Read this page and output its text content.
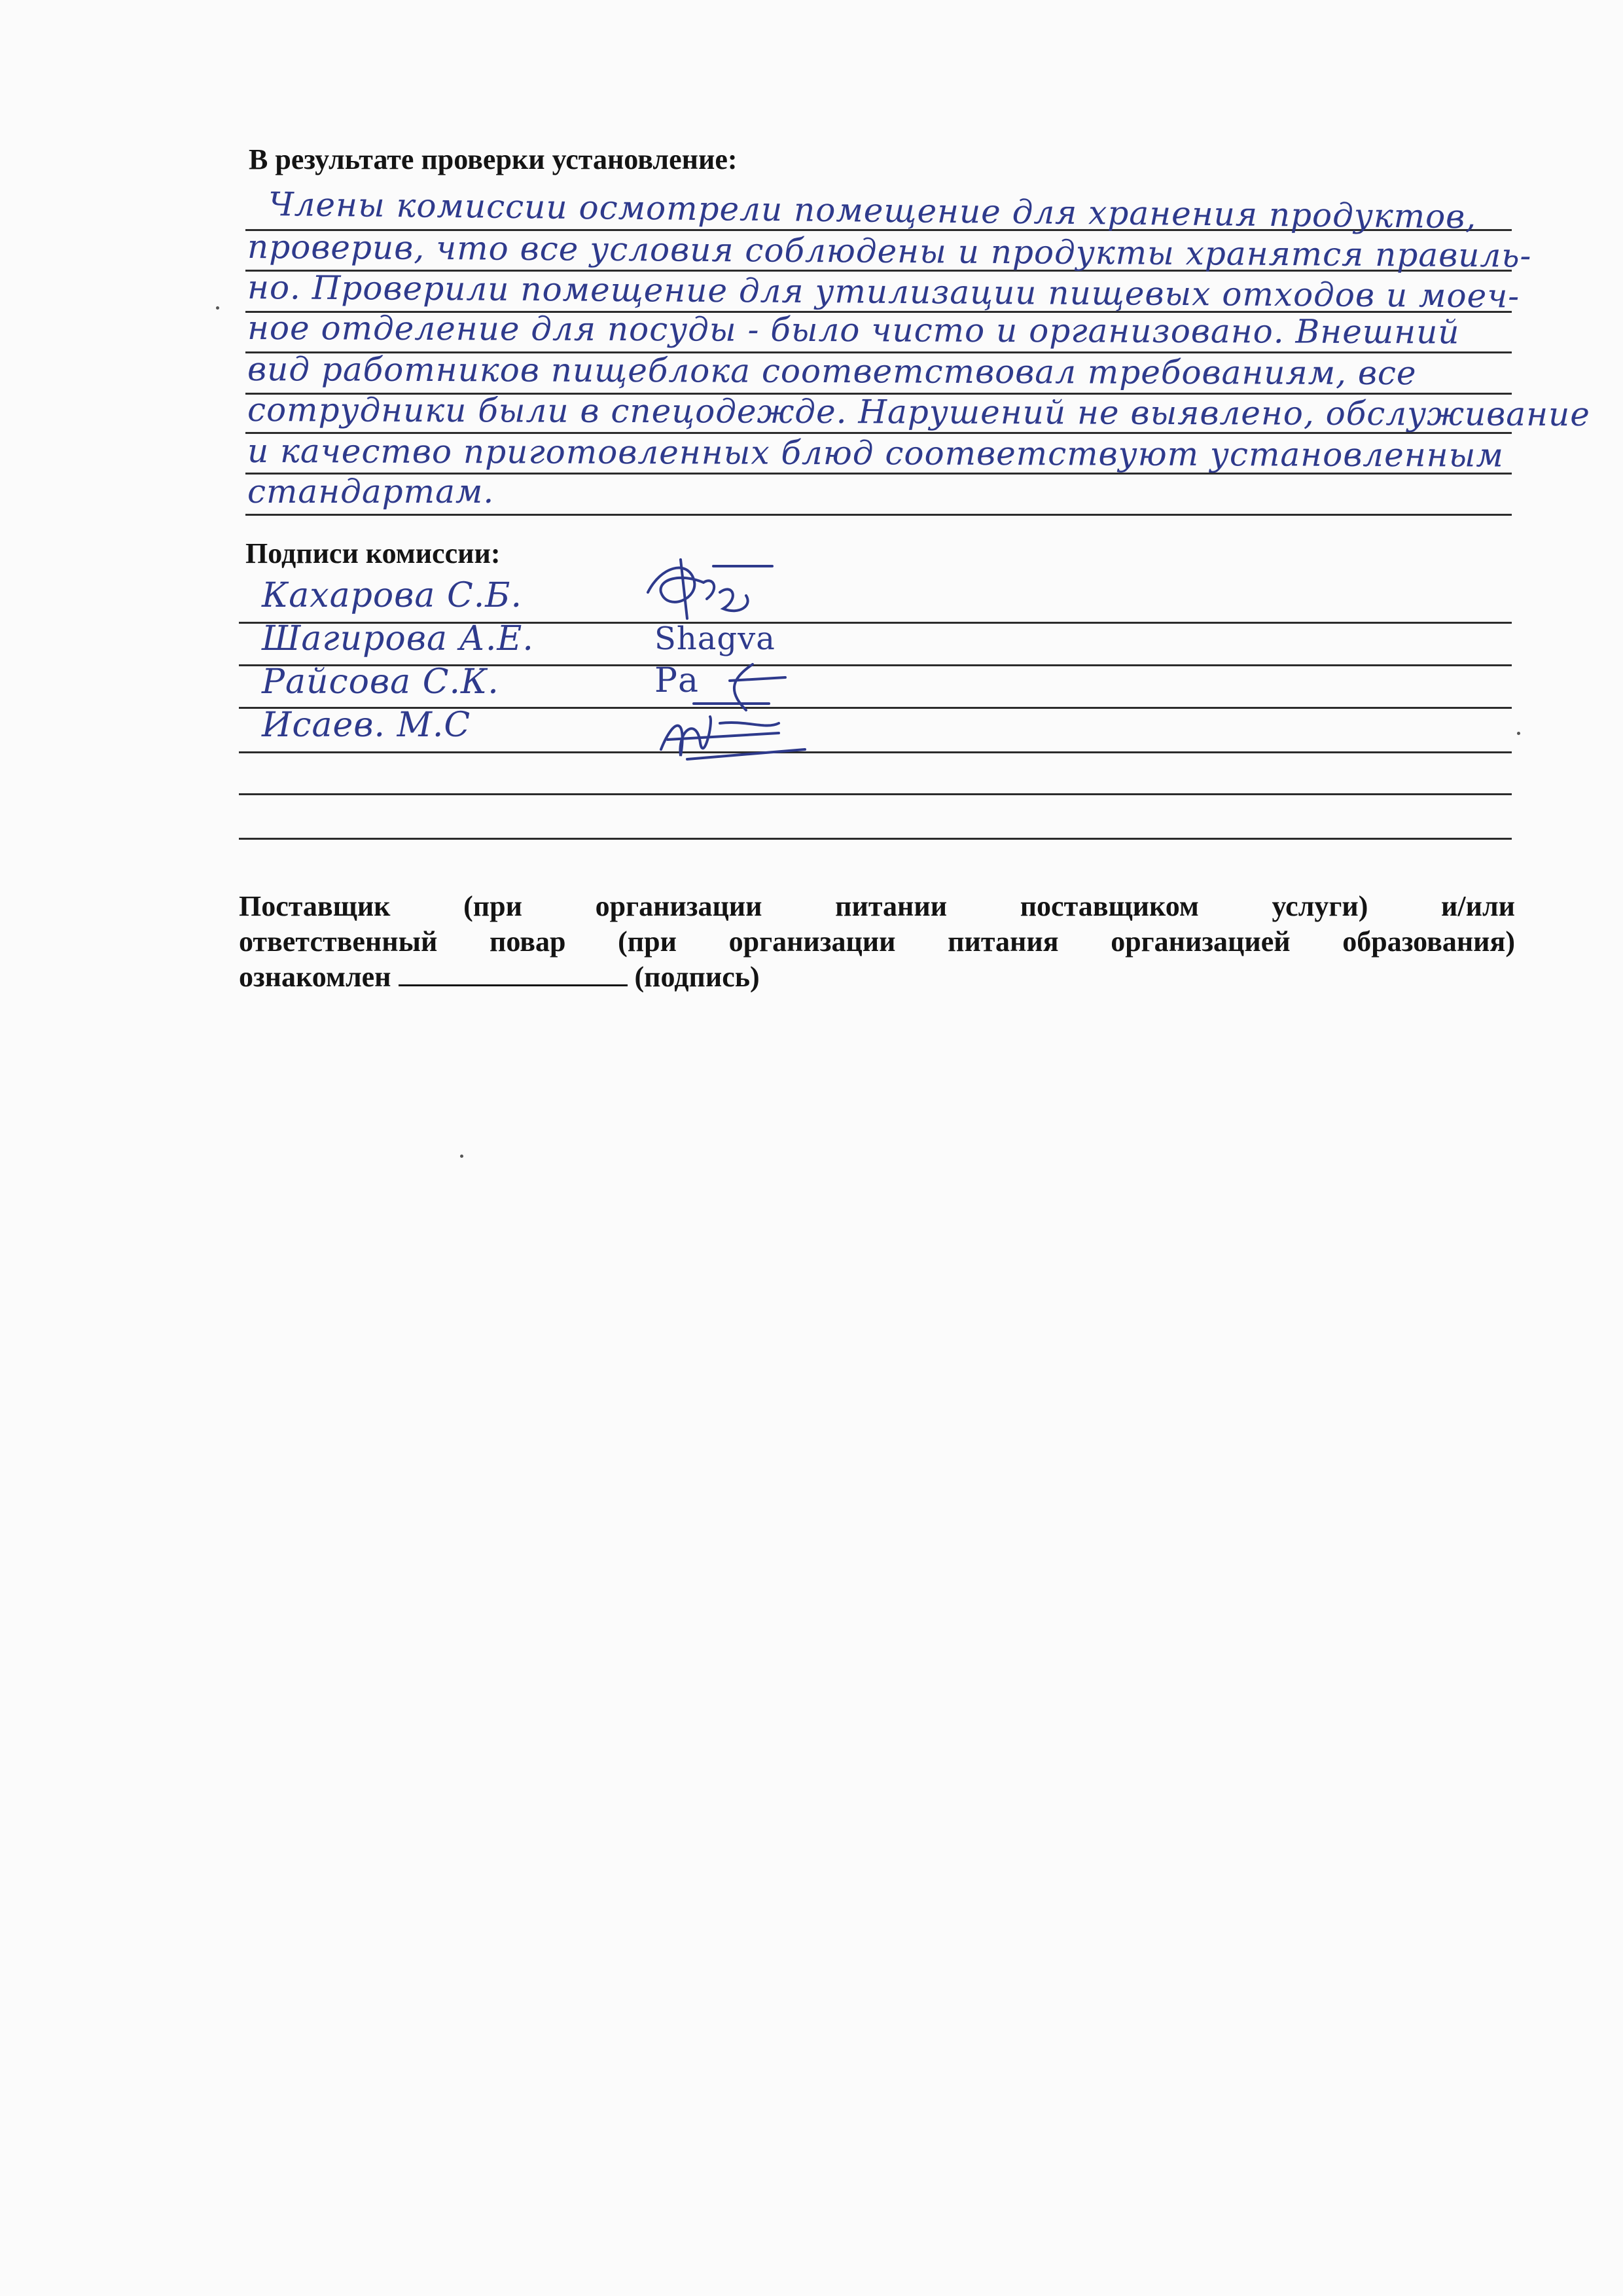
В результате проверки установление:
Члены комиссии осмотрели помещение для хранения продуктов,
проверив, что все условия соблюдены и продукты хранятся правиль-
но. Проверили помещение для утилизации пищевых отходов и моеч-
ное отделение для посуды - было чисто и организовано. Внешний
вид работников пищеблока соответствовал требованиям, все
сотрудники были в спецодежде. Нарушений не выявлено, обслуживание
и качество приготовленных блюд соответствуют установленным
стандартам.
Подписи комиссии:
Кахарова С.Б.
Шагирова А.Е.
Райсова С.К.
Исаев. М.С
Shagva
Ра
Поставщик (при организации питании поставщиком услуги) и/или
ответственный повар (при организации питания организацией образования)
ознакомлен	(подпись)
